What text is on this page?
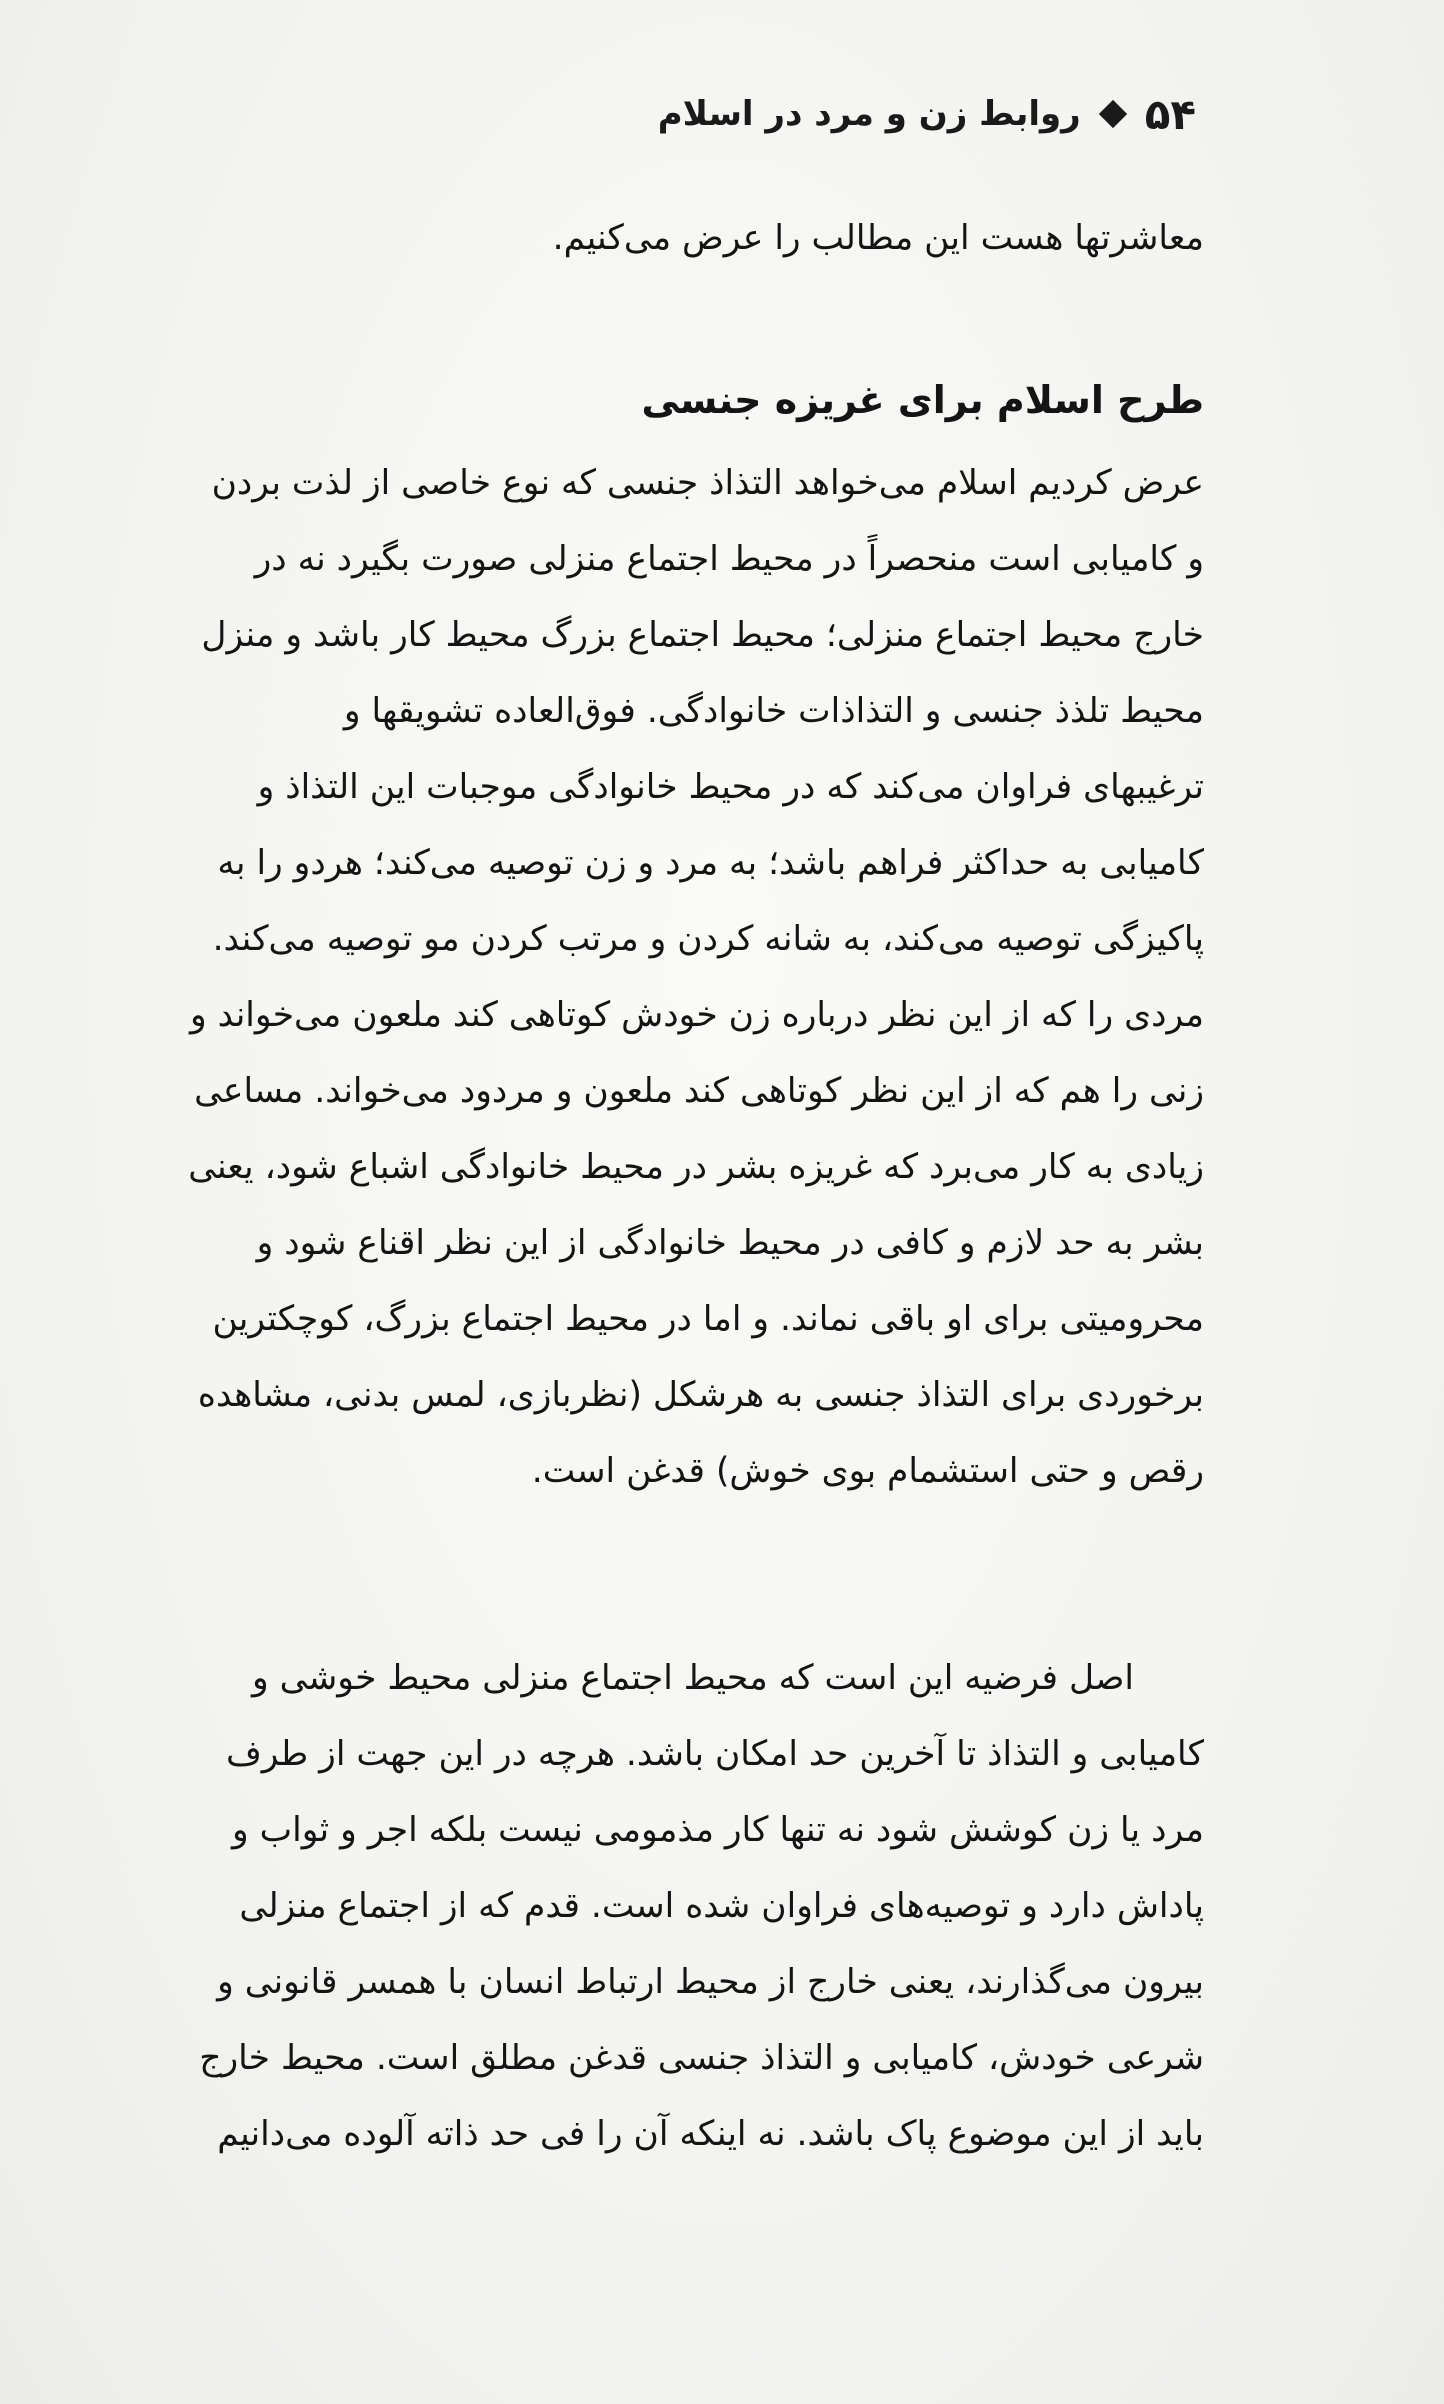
۵۴
روابط زن و مرد در اسلام
معاشرتها هست این مطالب را عرض می‌کنیم.
طرح اسلام برای غریزه جنسی
عرض کردیم اسلام می‌خواهد التذاذ جنسی که نوع خاصی از لذت بردن
و کامیابی است منحصراً در محیط اجتماع منزلی صورت بگیرد نه در
خارج محیط اجتماع منزلی؛ محیط اجتماع بزرگ محیط کار باشد و منزل
محیط تلذذ جنسی و التذاذات خانوادگی. فوق‌العاده تشویقها و
ترغیبهای فراوان می‌کند که در محیط خانوادگی موجبات این التذاذ و
کامیابی به حداکثر فراهم باشد؛ به مرد و زن توصیه می‌کند؛ هردو را به
پاکیزگی توصیه می‌کند، به شانه کردن و مرتب کردن مو توصیه می‌کند.
مردی را که از این نظر درباره زن خودش کوتاهی کند ملعون می‌خواند و
زنی را هم که از این نظر کوتاهی کند ملعون و مردود می‌خواند. مساعی
زیادی به کار می‌برد که غریزه بشر در محیط خانوادگی اشباع شود، یعنی
بشر به حد لازم و کافی در محیط خانوادگی از این نظر اقناع شود و
محرومیتی برای او باقی نماند. و اما در محیط اجتماع بزرگ، کوچکترین
برخوردی برای التذاذ جنسی به هرشکل (نظربازی، لمس بدنی، مشاهده
رقص و حتی استشمام بوی خوش) قدغن است.
اصل فرضیه این است که محیط اجتماع منزلی محیط خوشی و
کامیابی و التذاذ تا آخرین حد امکان باشد. هرچه در این جهت از طرف
مرد یا زن کوشش شود نه تنها کار مذمومی نیست بلکه اجر و ثواب و
پاداش دارد و توصیه‌های فراوان شده است. قدم که از اجتماع منزلی
بیرون می‌گذارند، یعنی خارج از محیط ارتباط انسان با همسر قانونی و
شرعی خودش، کامیابی و التذاذ جنسی قدغن مطلق است. محیط خارج
باید از این موضوع پاک باشد. نه اینکه آن را فی حد ذاته آلوده می‌دانیم
